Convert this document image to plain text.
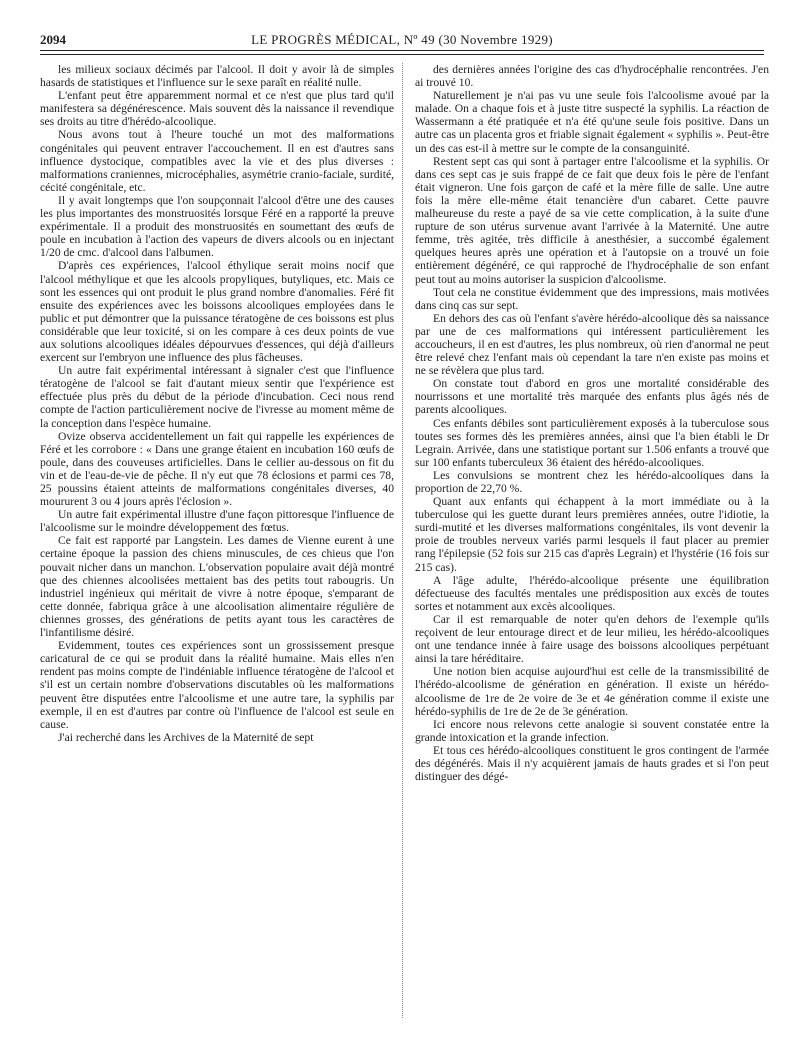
2094	LE PROGRÈS MÉDICAL, Nº 49 (30 Novembre 1929)

les milieux sociaux décimés par l'alcool. Il doit y avoir là de simples hasards de statistiques et l'influence sur le sexe paraît en réalité nulle.

L'enfant peut être apparemment normal et ce n'est que plus tard qu'il manifestera sa dégénérescence. Mais souvent dès la naissance il revendique ses droits au titre d'hérédo-alcoolique.

Nous avons tout à l'heure touché un mot des malformations congénitales qui peuvent entraver l'accouchement. Il en est d'autres sans influence dystocique, compatibles avec la vie et des plus diverses : malformations craniennes, microcéphalies, asymétrie cranio-faciale, surdité, cécité congénitale, etc.

Il y avait longtemps que l'on soupçonnait l'alcool d'être une des causes les plus importantes des monstruosités lorsque Féré en a rapporté la preuve expérimentale. Il a produit des monstruosités en soumettant des œufs de poule en incubation à l'action des vapeurs de divers alcools ou en injectant 1/20 de cmc. d'alcool dans l'albumen.

D'après ces expériences, l'alcool éthylique serait moins nocif que l'alcool méthylique et que les alcools propyliques, butyliques, etc. Mais ce sont les essences qui ont produit le plus grand nombre d'anomalies. Féré fit ensuite des expériences avec les boissons alcooliques employées dans le public et put démontrer que la puissance tératogène de ces boissons est plus considérable que leur toxicité, si on les compare à ces deux points de vue aux solutions alcooliques idéales dépourvues d'essences, qui déjà d'ailleurs exercent sur l'embryon une influence des plus fâcheuses.

Un autre fait expérimental intéressant à signaler c'est que l'influence tératogène de l'alcool se fait d'autant mieux sentir que l'expérience est effectuée plus près du début de la période d'incubation. Ceci nous rend compte de l'action particulièrement nocive de l'ivresse au moment même de la conception dans l'espèce humaine.

Ovize observa accidentellement un fait qui rappelle les expériences de Féré et les corrobore : « Dans une grange étaient en incubation 160 œufs de poule, dans des couveuses artificielles. Dans le cellier au-dessous on fit du vin et de l'eau-de-vie de pêche. Il n'y eut que 78 éclosions et parmi ces 78, 25 poussins étaient atteints de malformations congénitales diverses, 40 moururent 3 ou 4 jours après l'éclosion ».

Un autre fait expérimental illustre d'une façon pittoresque l'influence de l'alcoolisme sur le moindre développement des fœtus.

Ce fait est rapporté par Langstein. Les dames de Vienne eurent à une certaine époque la passion des chiens minuscules, de ces chieus que l'on pouvait nicher dans un manchon. L'observation populaire avait déjà montré que des chiennes alcoolisées mettaient bas des petits tout rabougris. Un industriel ingénieux qui méritait de vivre à notre époque, s'emparant de cette donnée, fabriqua grâce à une alcoolisation alimentaire régulière de chiennes grosses, des générations de petits ayant tous les caractères de l'infantilisme désiré.

Evidemment, toutes ces expériences sont un grossissement presque caricatural de ce qui se produit dans la réalité humaine. Mais elles n'en rendent pas moins compte de l'indéniable influence tératogène de l'alcool et s'il est un certain nombre d'observations discutables où les malformations peuvent être disputées entre l'alcoolisme et une autre tare, la syphilis par exemple, il en est d'autres par contre où l'influence de l'alcool est seule en cause.

J'ai recherché dans les Archives de la Maternité de sept

des dernières années l'origine des cas d'hydrocéphalie rencontrées. J'en ai trouvé 10.

Naturellement je n'ai pas vu une seule fois l'alcoolisme avoué par la malade. On a chaque fois et à juste titre suspecté la syphilis. La réaction de Wassermann a été pratiquée et n'a été qu'une seule fois positive. Dans un autre cas un placenta gros et friable signait également « syphilis ». Peut-être un des cas est-il à mettre sur le compte de la consanguinité.

Restent sept cas qui sont à partager entre l'alcoolisme et la syphilis. Or dans ces sept cas je suis frappé de ce fait que deux fois le père de l'enfant était vigneron. Une fois garçon de café et la mère fille de salle. Une autre fois la mère elle-même était tenancière d'un cabaret. Cette pauvre malheureuse du reste a payé de sa vie cette complication, à la suite d'une rupture de son utérus survenue avant l'arrivée à la Maternité. Une autre femme, très agitée, très difficile à anesthésier, a succombé également quelques heures après une opération et à l'autopsie on a trouvé un foie entièrement dégénéré, ce qui rapproché de l'hydrocéphalie de son enfant peut tout au moins autoriser la suspicion d'alcoolisme.

Tout cela ne constitue évidemment que des impressions, mais motivées dans cinq cas sur sept.

En dehors des cas où l'enfant s'avère hérédo-alcoolique dès sa naissance par une de ces malformations qui intéressent particulièrement les accoucheurs, il en est d'autres, les plus nombreux, où rien d'anormal ne peut être relevé chez l'enfant mais où cependant la tare n'en existe pas moins et ne se révèlera que plus tard.

On constate tout d'abord en gros une mortalité considérable des nourrissons et une mortalité très marquée des enfants plus âgés nés de parents alcooliques.

Ces enfants débiles sont particulièrement exposés à la tuberculose sous toutes ses formes dès les premières années, ainsi que l'a bien établi le Dr Legrain. Arrivée, dans une statistique portant sur 1.506 enfants a trouvé que sur 100 enfants tuberculeux 36 étaient des hérédo-alcooliques.

Les convulsions se montrent chez les hérédo-alcooliques dans la proportion de 22,70 %.

Quant aux enfants qui échappent à la mort immédiate ou à la tuberculose qui les guette durant leurs premières années, outre l'idiotie, la surdi-mutité et les diverses malformations congénitales, ils vont devenir la proie de troubles nerveux variés parmi lesquels il faut placer au premier rang l'épilepsie (52 fois sur 215 cas d'après Legrain) et l'hystérie (16 fois sur 215 cas).

A l'âge adulte, l'hérédo-alcoolique présente une équilibration défectueuse des facultés mentales une prédisposition aux excès de toutes sortes et notamment aux excès alcooliques.

Car il est remarquable de noter qu'en dehors de l'exemple qu'ils reçoivent de leur entourage direct et de leur milieu, les hérédo-alcooliques ont une tendance innée à faire usage des boissons alcooliques perpétuant ainsi la tare héréditaire.

Une notion bien acquise aujourd'hui est celle de la transmissibilité de l'hérédo-alcoolisme de génération en génération. Il existe un hérédo-alcoolisme de 1re de 2e voire de 3e et 4e génération comme il existe une hérédo-syphilis de 1re de 2e de 3e génération.

Ici encore nous relevons cette analogie si souvent constatée entre la grande intoxication et la grande infection.

Et tous ces hérédo-alcooliques constituent le gros contingent de l'armée des dégénérés. Mais il n'y acquièrent jamais de hauts grades et si l'on peut distinguer des dégé-
